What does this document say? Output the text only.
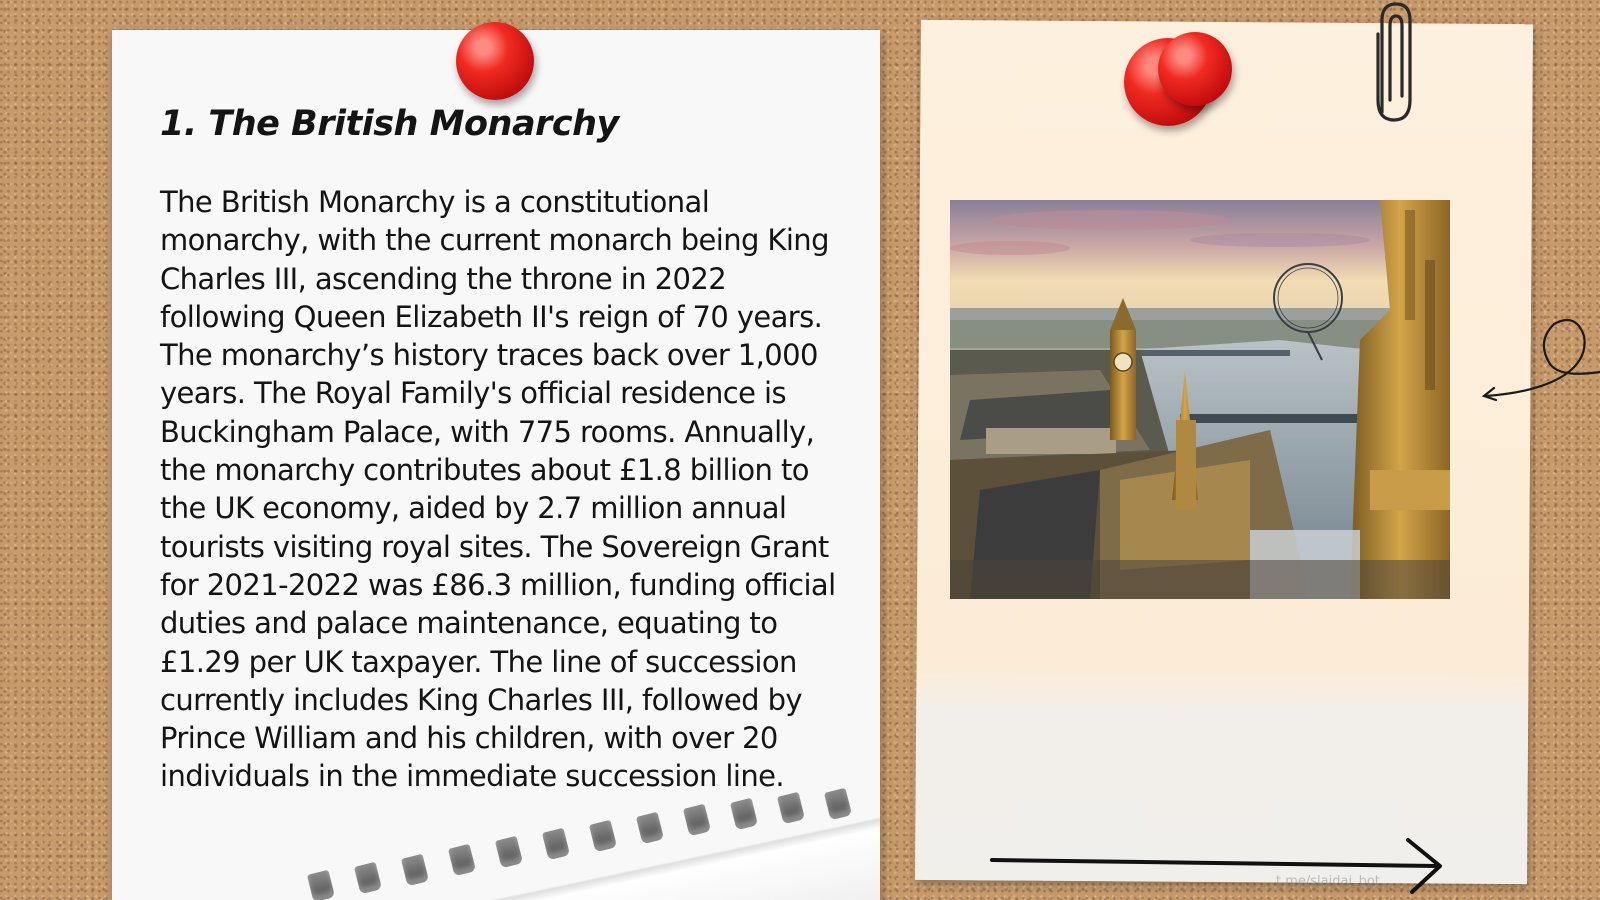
1. The British Monarchy
The British Monarchy is a constitutional monarchy, with the current monarch being King Charles III, ascending the throne in 2022 following Queen Elizabeth II's reign of 70 years. The monarchy’s history traces back over 1,000 years. The Royal Family's official residence is Buckingham Palace, with 775 rooms. Annually, the monarchy contributes about £1.8 billion to the UK economy, aided by 2.7 million annual tourists visiting royal sites. The Sovereign Grant for 2021-2022 was £86.3 million, funding official duties and palace maintenance, equating to £1.29 per UK taxpayer. The line of succession currently includes King Charles III, followed by Prince William and his children, with over 20 individuals in the immediate succession line.
t.me/slaidai_bot
